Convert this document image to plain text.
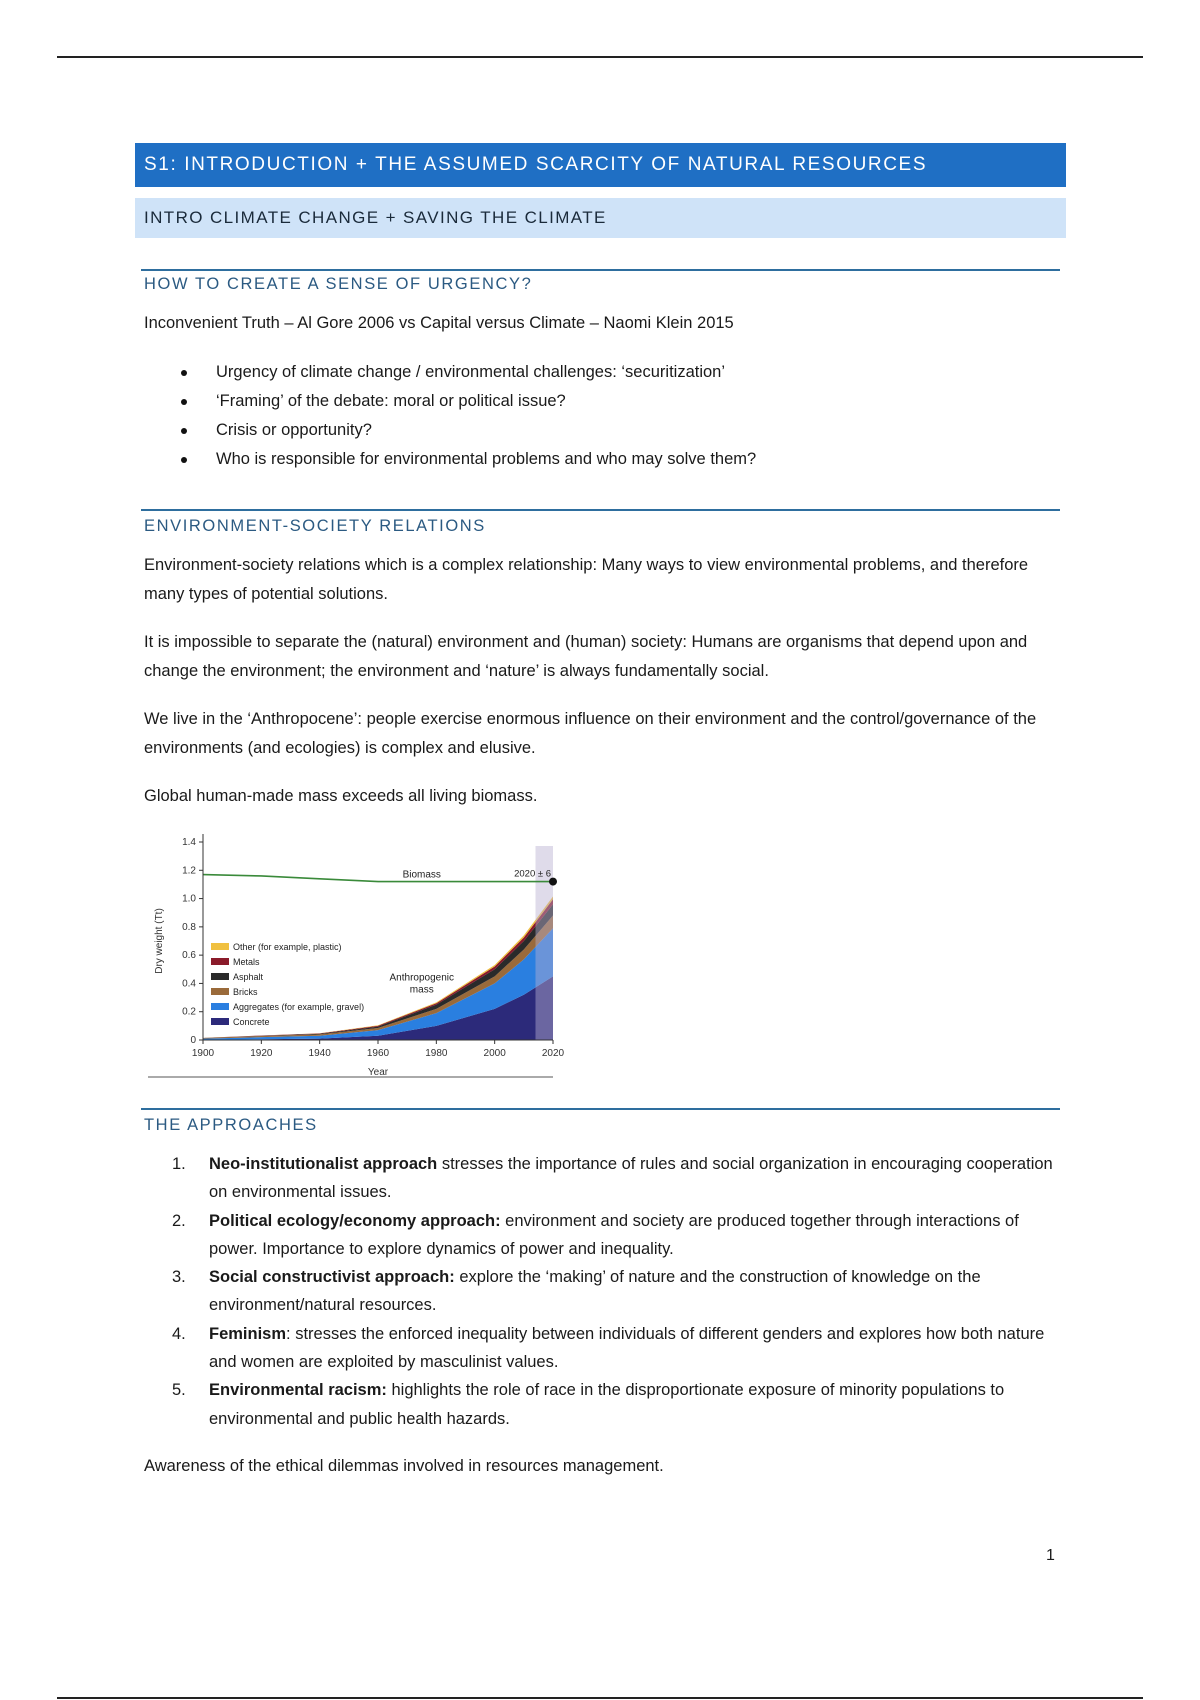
S1: INTRODUCTION + THE ASSUMED SCARCITY OF NATURAL RESOURCES
INTRO CLIMATE CHANGE + SAVING THE CLIMATE
HOW TO CREATE A SENSE OF URGENCY?
Inconvenient Truth – Al Gore 2006 vs Capital versus Climate – Naomi Klein 2015
Urgency of climate change / environmental challenges: ‘securitization’
‘Framing’ of the debate: moral or political issue?
Crisis or opportunity?
Who is responsible for environmental problems and who may solve them?
ENVIRONMENT-SOCIETY RELATIONS
Environment-society relations which is a complex relationship: Many ways to view environmental problems, and therefore many types of potential solutions.
It is impossible to separate the (natural) environment and (human) society: Humans are organisms that depend upon and change the environment; the environment and ‘nature’ is always fundamentally social.
We live in the ‘Anthropocene’: people exercise enormous influence on their environment and the control/governance of the environments (and ecologies) is complex and elusive.
Global human-made mass exceeds all living biomass.
0
0.2
0.4
0.6
0.8
1.0
1.2
1.4
1900	1920	1940	1960	1980	2000	2020
Year
Dry weight (Tt)
Biomass	2020 ± 6
Anthropogenic
mass
Other (for example, plastic)
Metals
Asphalt
Bricks
Aggregates (for example, gravel)
Concrete
THE APPROACHES
1. Neo-institutionalist approach stresses the importance of rules and social organization in encouraging cooperation on environmental issues.
2. Political ecology/economy approach: environment and society are produced together through interactions of power. Importance to explore dynamics of power and inequality.
3. Social constructivist approach: explore the ‘making’ of nature and the construction of knowledge on the environment/natural resources.
4. Feminism: stresses the enforced inequality between individuals of different genders and explores how both nature and women are exploited by masculinist values.
5. Environmental racism: highlights the role of race in the disproportionate exposure of minority populations to environmental and public health hazards.
Awareness of the ethical dilemmas involved in resources management.
1
